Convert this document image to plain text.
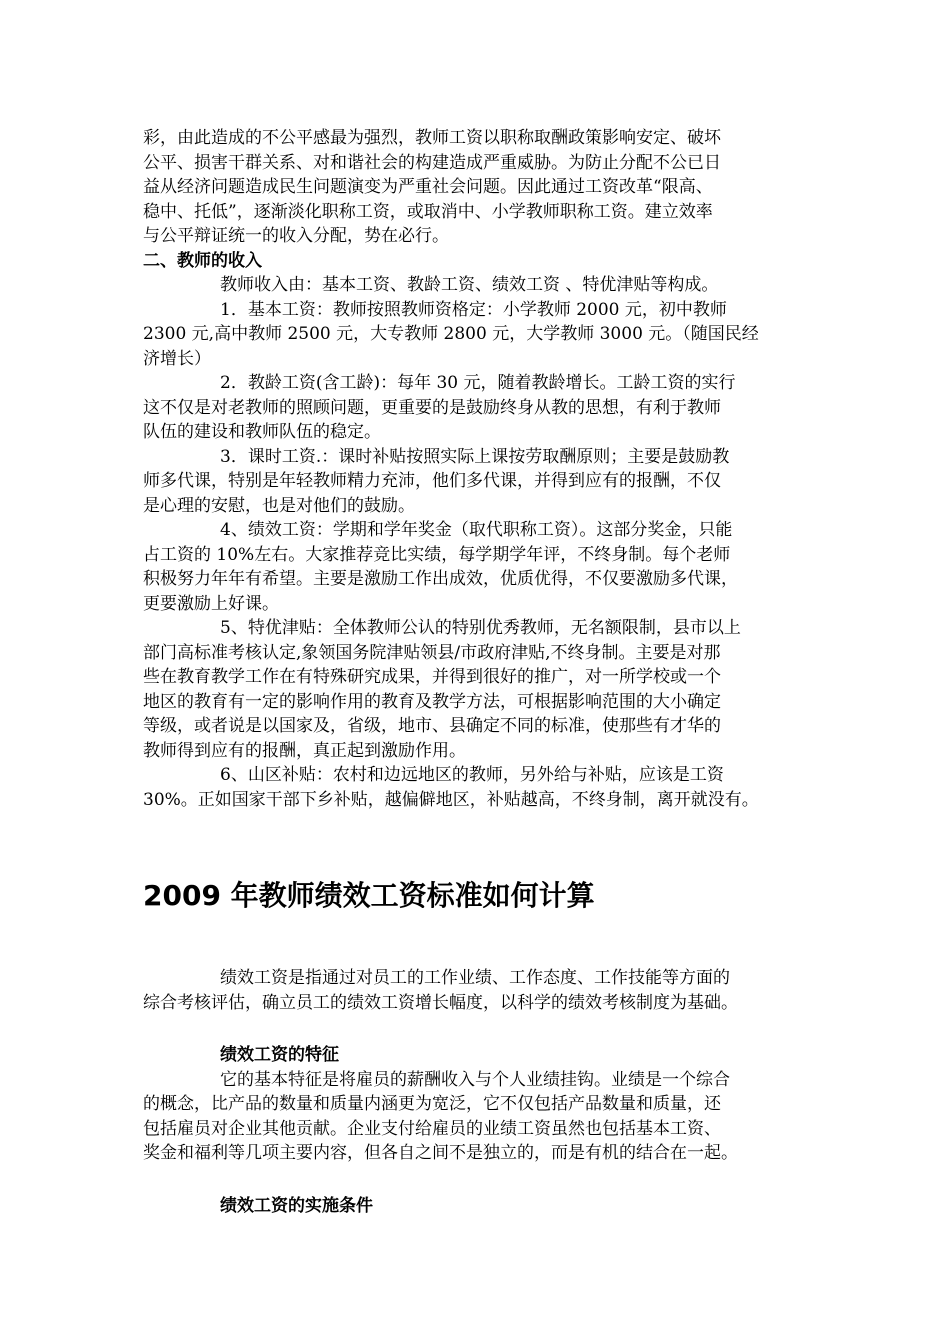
彩，由此造成的不公平感最为强烈，教师工资以职称取酬政策影响安定、破坏
公平、损害干群关系、对和谐社会的构建造成严重威胁。为防止分配不公已日
益从经济问题造成民生问题演变为严重社会问题。因此通过工资改革“限高、
稳中、托低”，逐渐淡化职称工资，或取消中、小学教师职称工资。建立效率
与公平辩证统一的收入分配，势在必行。
二、教师的收入
教师收入由：基本工资、教龄工资、绩效工资 、特优津贴等构成。
1．基本工资：教师按照教师资格定：小学教师 2000 元，初中教师
2300 元,高中教师 2500 元，大专教师 2800 元，大学教师 3000 元。（随国民经
济增长）
2．教龄工资(含工龄)：每年 30 元，随着教龄增长。工龄工资的实行
这不仅是对老教师的照顾问题，更重要的是鼓励终身从教的思想，有利于教师
队伍的建设和教师队伍的稳定。
3．课时工资.：课时补贴按照实际上课按劳取酬原则；主要是鼓励教
师多代课，特别是年轻教师精力充沛，他们多代课，并得到应有的报酬，不仅
是心理的安慰，也是对他们的鼓励。
4、绩效工资：学期和学年奖金（取代职称工资）。这部分奖金，只能
占工资的 10%左右。大家推荐竞比实绩，每学期学年评，不终身制。每个老师
积极努力年年有希望。主要是激励工作出成效，优质优得，不仅要激励多代课，
更要激励上好课。
5、特优津贴：全体教师公认的特别优秀教师，无名额限制，县市以上
部门高标准考核认定,象领国务院津贴领县/市政府津贴,不终身制。主要是对那
些在教育教学工作在有特殊研究成果，并得到很好的推广，对一所学校或一个
地区的教育有一定的影响作用的教育及教学方法，可根据影响范围的大小确定
等级，或者说是以国家及，省级，地市、县确定不同的标准，使那些有才华的
教师得到应有的报酬，真正起到激励作用。
6、山区补贴：农村和边远地区的教师，另外给与补贴，应该是工资
30%。正如国家干部下乡补贴，越偏僻地区，补贴越高，不终身制，离开就没有。
2009 年教师绩效工资标准如何计算
绩效工资是指通过对员工的工作业绩、工作态度、工作技能等方面的
综合考核评估，确立员工的绩效工资增长幅度，以科学的绩效考核制度为基础。
绩效工资的特征
它的基本特征是将雇员的薪酬收入与个人业绩挂钩。业绩是一个综合
的概念，比产品的数量和质量内涵更为宽泛，它不仅包括产品数量和质量，还
包括雇员对企业其他贡献。企业支付给雇员的业绩工资虽然也包括基本工资、
奖金和福利等几项主要内容，但各自之间不是独立的，而是有机的结合在一起。
绩效工资的实施条件
